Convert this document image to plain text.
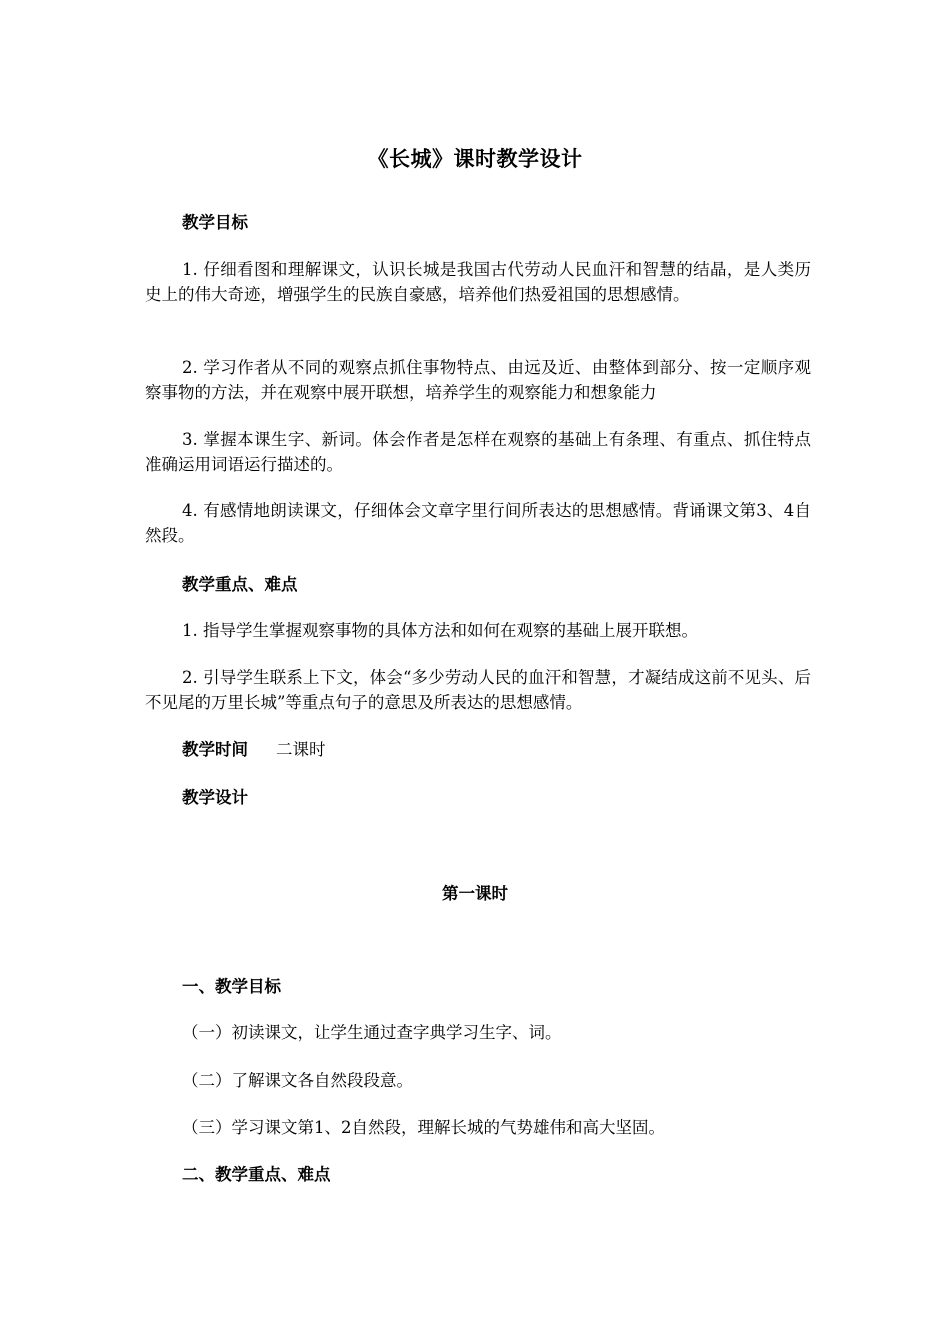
《长城》课时教学设计
教学目标
1. 仔细看图和理解课文，认识长城是我国古代劳动人民血汗和智慧的结晶，是人类历史上的伟大奇迹，增强学生的民族自豪感，培养他们热爱祖国的思想感情。
2. 学习作者从不同的观察点抓住事物特点、由远及近、由整体到部分、按一定顺序观察事物的方法，并在观察中展开联想，培养学生的观察能力和想象能力
3. 掌握本课生字、新词。体会作者是怎样在观察的基础上有条理、有重点、抓住特点准确运用词语运行描述的。
4. 有感情地朗读课文，仔细体会文章字里行间所表达的思想感情。背诵课文第3、4自然段。
教学重点、难点
1. 指导学生掌握观察事物的具体方法和如何在观察的基础上展开联想。
2. 引导学生联系上下文，体会“多少劳动人民的血汗和智慧，才凝结成这前不见头、后不见尾的万里长城”等重点句子的意思及所表达的思想感情。
教学时间 二课时
教学设计
第一课时
一、教学目标
（一）初读课文，让学生通过查字典学习生字、词。
（二）了解课文各自然段段意。
（三）学习课文第1、2自然段，理解长城的气势雄伟和高大坚固。
二、教学重点、难点
